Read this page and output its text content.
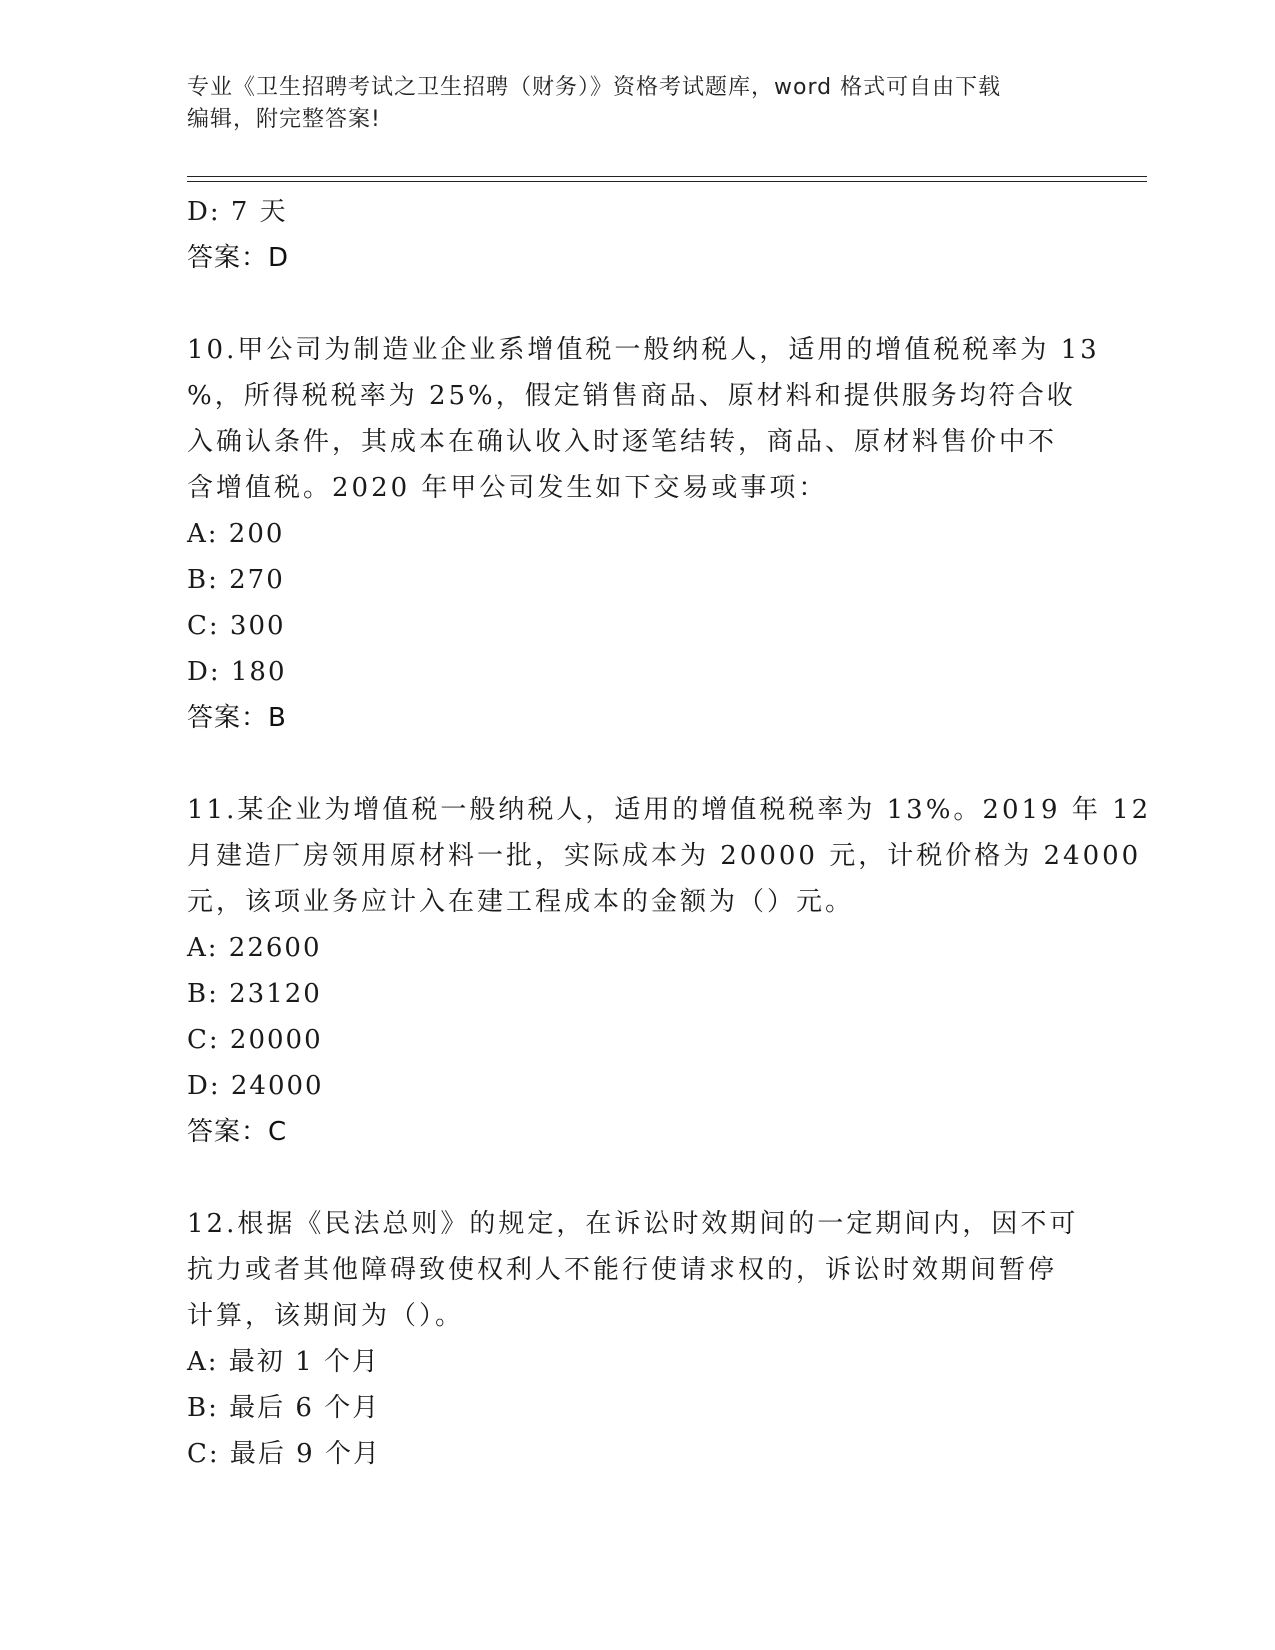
专业《卫生招聘考试之卫生招聘（财务）》资格考试题库，word 格式可自由下载
编辑，附完整答案!
D: 7 天
答案：D
10.甲公司为制造业企业系增值税一般纳税人，适用的增值税税率为 13
%，所得税税率为 25%，假定销售商品、原材料和提供服务均符合收
入确认条件，其成本在确认收入时逐笔结转，商品、原材料售价中不
含增值税。2020 年甲公司发生如下交易或事项：
A: 200
B: 270
C: 300
D: 180
答案：B
11.某企业为增值税一般纳税人，适用的增值税税率为 13%。2019 年 12
月建造厂房领用原材料一批，实际成本为 20000 元，计税价格为 24000
元，该项业务应计入在建工程成本的金额为（）元。
A: 22600
B: 23120
C: 20000
D: 24000
答案：C
12.根据《民法总则》的规定，在诉讼时效期间的一定期间内，因不可
抗力或者其他障碍致使权利人不能行使请求权的，诉讼时效期间暂停
计算，该期间为（）。
A: 最初 1 个月
B: 最后 6 个月
C: 最后 9 个月
